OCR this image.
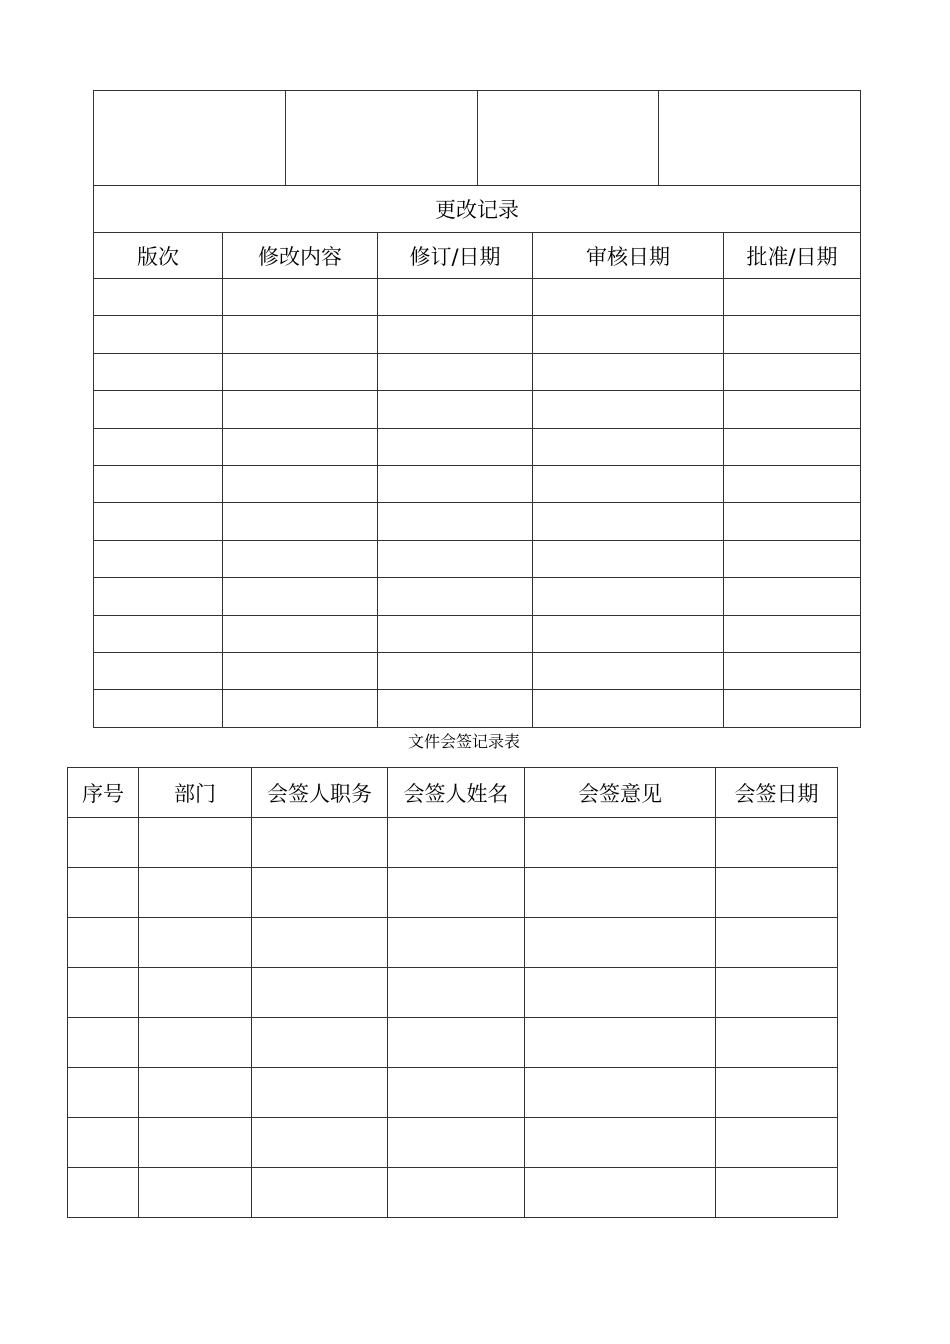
更改记录							
版次	修改内容		修订/日期		审核日期		批准/日期

文件会签记录表
序号	部门	会签人职务	会签人姓名	会签意见	会签日期
